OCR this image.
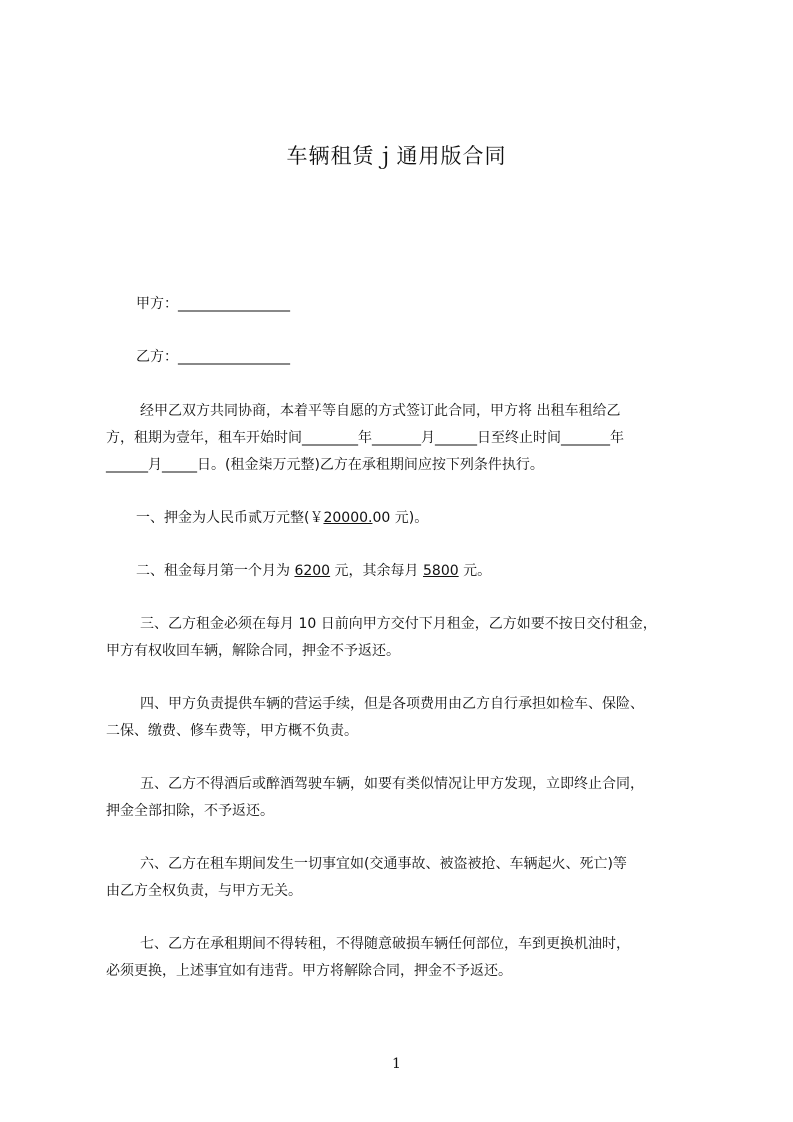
车辆租赁ｊ通用版合同
甲方：________________
乙方：________________
经甲乙双方共同协商，本着平等自愿的方式签订此合同，甲方将 出租车租给乙
方，租期为壹年，租车开始时间________年_______月______日至终止时间_______年
______月_____日。(租金柒万元整)乙方在承租期间应按下列条件执行。
一、押金为人民币贰万元整(￥20000.00 元)。
二、租金每月第一个月为 6200 元，其余每月 5800 元。
三、乙方租金必须在每月 10 日前向甲方交付下月租金，乙方如要不按日交付租金，
甲方有权收回车辆，解除合同，押金不予返还。
四、甲方负责提供车辆的营运手续，但是各项费用由乙方自行承担如检车、保险、
二保、缴费、修车费等，甲方概不负责。
五、乙方不得酒后或醉酒驾驶车辆，如要有类似情况让甲方发现，立即终止合同，
押金全部扣除，不予返还。
六、乙方在租车期间发生一切事宜如(交通事故、被盗被抢、车辆起火、死亡)等
由乙方全权负责，与甲方无关。
七、乙方在承租期间不得转租，不得随意破损车辆任何部位，车到更换机油时，
必须更换，上述事宜如有违背。甲方将解除合同，押金不予返还。
1
